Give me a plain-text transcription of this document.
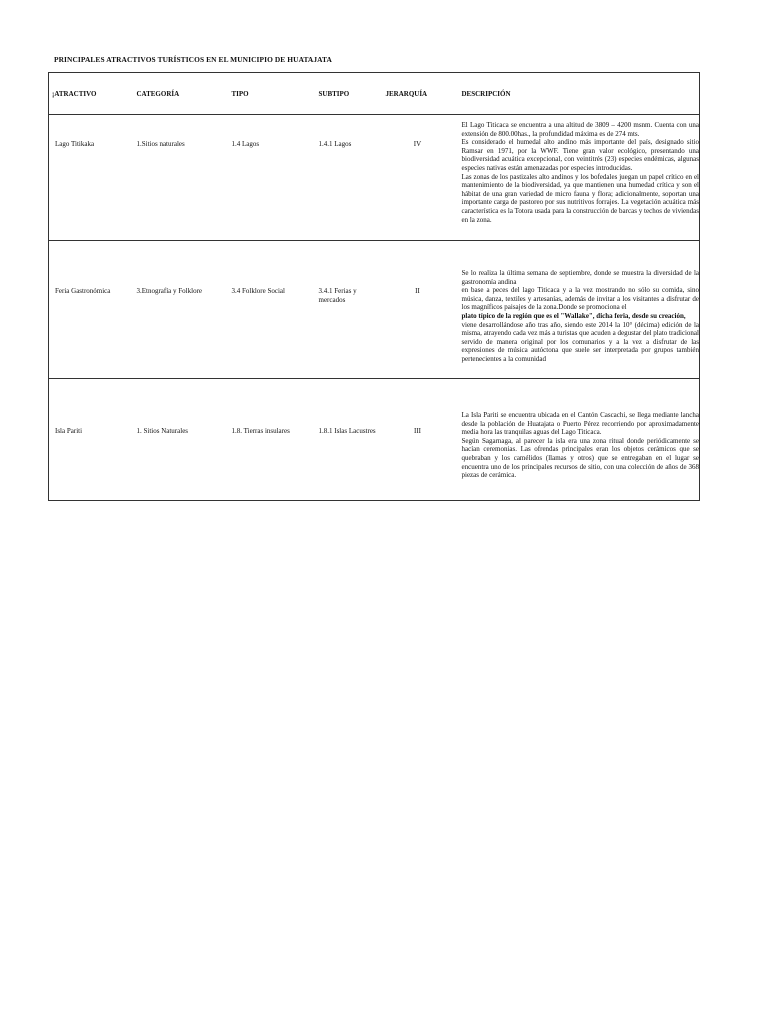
PRINCIPALES ATRACTIVOS TURÍSTICOS EN EL MUNICIPIO DE HUATAJATA
¡ATRACTIVO	CATEGORÍA	TIPO	SUBTIPO	JERARQUÍA	DESCRIPCIÓN
Lago Titikaka	1.Sitios naturales	1.4 Lagos	1.4.1 Lagos	IV	El Lago Titicaca se encuentra a una altitud de 3809 – 4200 msnm. Cuenta con una extensión de 800.00has., la profundidad máxima es de 274 mts.

Es considerado el humedal alto andino más importante del país, designado sitio Ramsar en 1971, por la WWF. Tiene gran valor ecológico, presentando una biodiversidad acuática excepcional, con veintitrés (23) especies endémicas, algunas especies nativas están amenazadas por especies introducidas.

Las zonas de los pastizales alto andinos y los bofedales juegan un papel crítico en el mantenimiento de la biodiversidad, ya que mantienen una humedad crítica y son el hábitat de una gran variedad de micro fauna y flora; adicionalmente, soportan una importante carga de pastoreo por sus nutritivos forrajes. La vegetación acuática más característica es la Totora usada para la construcción de barcas y techos de viviendas en la zona.

Feria Gastronómica	3.Etnografía y Folklore	3.4 Folklore Social	3.4.1 Ferias y mercados	II	Se lo realiza la última semana de septiembre, donde se muestra la diversidad de la gastronomía andina

en base a peces del lago Titicaca y a la vez mostrando no sólo su comida, sino música, danza, textiles y artesanías, además de invitar a los visitantes a disfrutar de los magníficos paisajes de la zona.Donde se promociona el

plato típico de la región que es el "Wallake", dicha feria, desde su creación,

viene desarrollándose año tras año, siendo este 2014 la 10° (décima) edición de la misma, atrayendo cada vez más a turistas que acuden a degustar del plato tradicional servido de manera original por los comunarios y a la vez a disfrutar de las expresiones de música autóctona que suele ser interpretada por grupos también pertenecientes a la comunidad

Isla Pariti	1. Sitios Naturales	1.8. Tierras insulares	1.8.1 Islas Lacustres	III	La Isla Pariti se encuentra ubicada en el Cantón Cascachi, se llega mediante lancha desde la población de Huatajata o Puerto Pérez recorriendo por aproximadamente media hora las tranquilas aguas del Lago Titicaca.

Según Sagarnaga, al parecer la isla era una zona ritual donde periódicamente se hacían ceremonias. Las ofrendas principales eran los objetos cerámicos que se quebraban y los camélidos (llamas y otros) que se entregaban en el lugar se encuentra uno de los principales recursos de sitio, con una colección de años de 368 piezas de cerámica.
